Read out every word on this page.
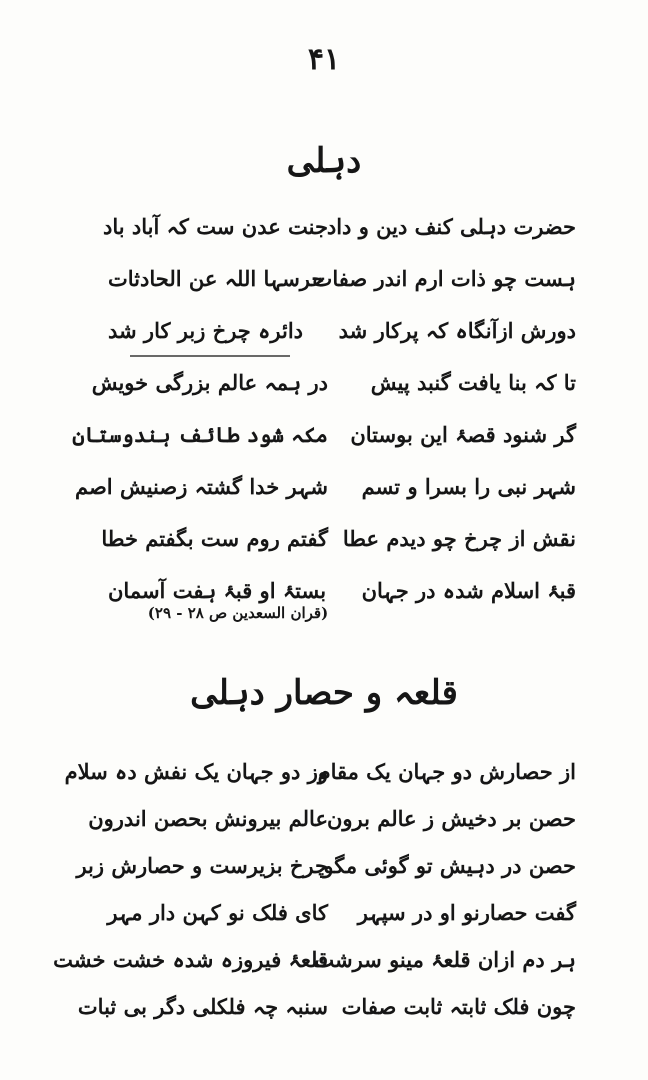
۴۱
دہلی
حضرت دہلی کنف دین و داد
جنت عدن ست کہ آباد باد
ہست چو ذات ارم اندر صفات
حرسہا اللہ عن الحادثات
دورش ازآنگاہ کہ پرکار شد
دائرہ چرخ زبر کار شد
تا کہ بنا یافت گنبد پیش
در ہمہ عالم بزرگی خویش
گر شنود قصۂ این بوستان
مکہ شود طائف ہندوستان
شہر نبی را بسرا و تسم
شہر خدا گشتہ زصنیش اصم
نقش از چرخ چو دیدم عطا
گفتم روم ست بگفتم خطا
قبۂ اسلام شدہ در جہان
بستۂ او قبۂ ہفت آسمان
(قران السعدین ص ۲۸ - ۲۹)
قلعہ و حصار دہلی
از حصارش دو جہان یک مقام
وز دو جہان یک نفش دہ سلام
حصن بر دخیش ز عالم برون
عالم بیرونش بحصن اندرون
حصن در دہیش تو گوئی مگو
چرخ بزیرست و حصارش زبر
گفت حصارنو او در سپہر
کای فلک نو کہن دار مہر
ہر دم ازان قلعۂ مینو سرشت
قلعۂ فیروزہ شدہ خشت خشت
چون فلک ثابتہ ثابت صفات
سنبہ چہ فلکلی دگر بی ثبات
